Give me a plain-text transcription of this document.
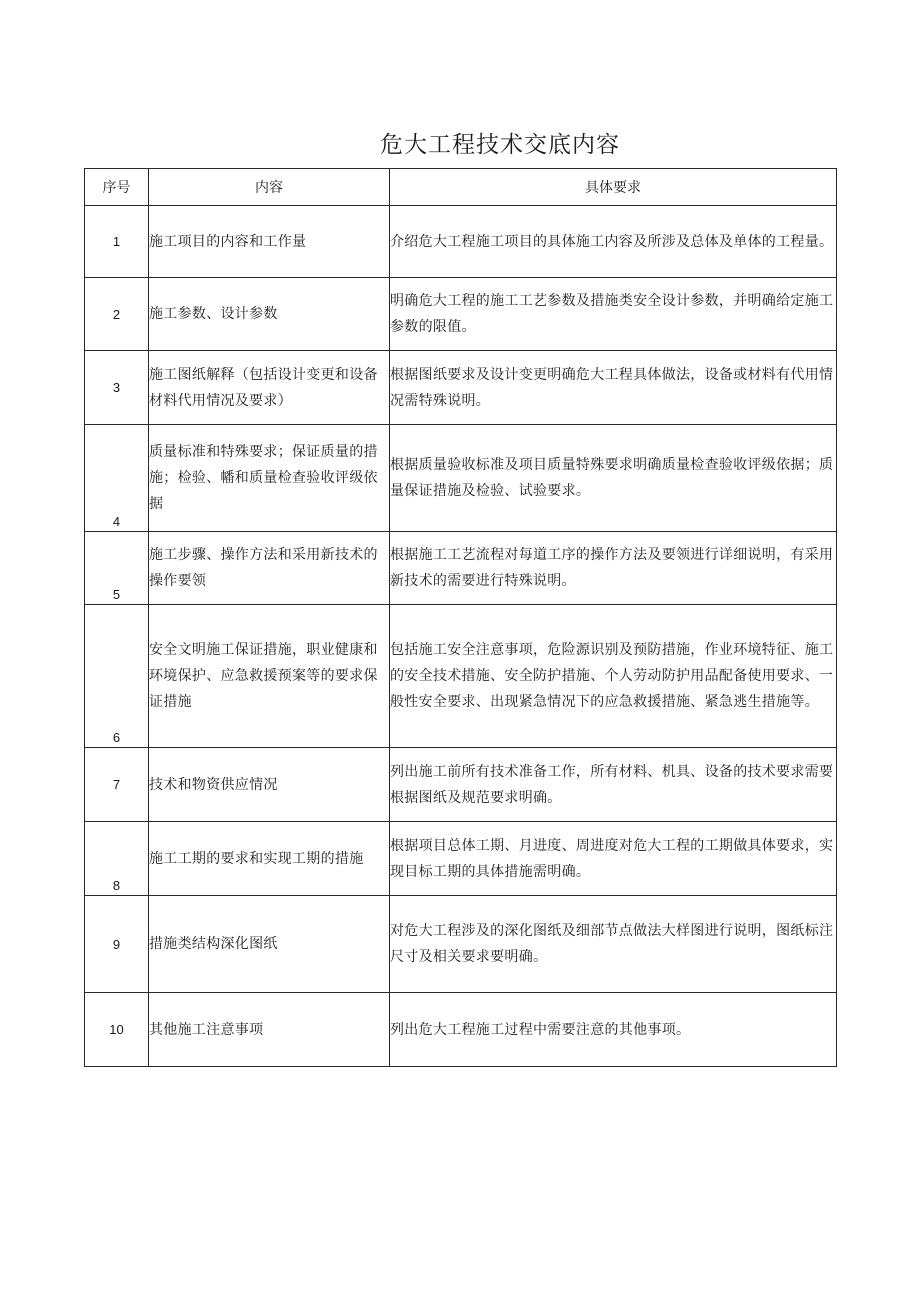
危大工程技术交底内容
序号	内容	具体要求
1	施工项目的内容和工作量	介绍危大工程施工项目的具体施工内容及所涉及总体及单体的工程量。
2	施工参数、设计参数	明确危大工程的施工工艺参数及措施类安全设计参数，并明确给定施工参数的限值。
3	施工图纸解释（包括设计变更和设备材料代用情况及要求）	根据图纸要求及设计变更明确危大工程具体做法，设备或材料有代用情况需特殊说明。
4	质量标准和特殊要求；保证质量的措施；检验、幡和质量检查验收评级依据	根据质量验收标准及项目质量特殊要求明确质量检查验收评级依据；质量保证措施及检验、试验要求。
5	施工步骤、操作方法和采用新技术的操作要领	根据施工工艺流程对每道工序的操作方法及要领进行详细说明，有采用新技术的需要进行特殊说明。
6	安全文明施工保证措施，职业健康和环境保护、应急救援预案等的要求保证措施	包括施工安全注意事项，危险源识别及预防措施，作业环境特征、施工的安全技术措施、安全防护措施、个人劳动防护用品配备使用要求、一般性安全要求、出现紧急情况下的应急救援措施、紧急逃生措施等。
7	技术和物资供应情况	列出施工前所有技术准备工作，所有材料、机具、设备的技术要求需要根据图纸及规范要求明确。
8	施工工期的要求和实现工期的措施	根据项目总体工期、月进度、周进度对危大工程的工期做具体要求，实现目标工期的具体措施需明确。
9	措施类结构深化图纸	对危大工程涉及的深化图纸及细部节点做法大样图进行说明，图纸标注尺寸及相关要求要明确。
10	其他施工注意事项	列出危大工程施工过程中需要注意的其他事项。
